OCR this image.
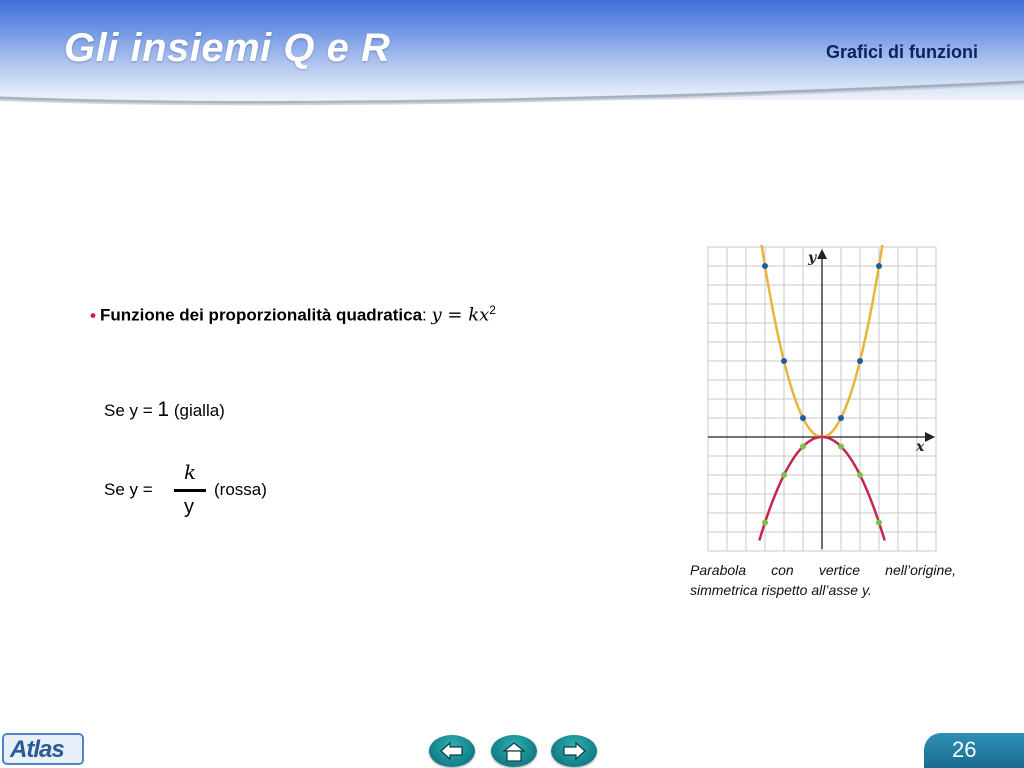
Gli insiemi Q e R	Grafici di funzioni
• Funzione dei proporzionalità quadratica: $y = kx^2$
Se y = 1 (gialla)
Se y =
k
y
(rossa)
y
x
Parabola con vertice nell’origine, simmetrica rispetto all’asse y.
Atlas	26
